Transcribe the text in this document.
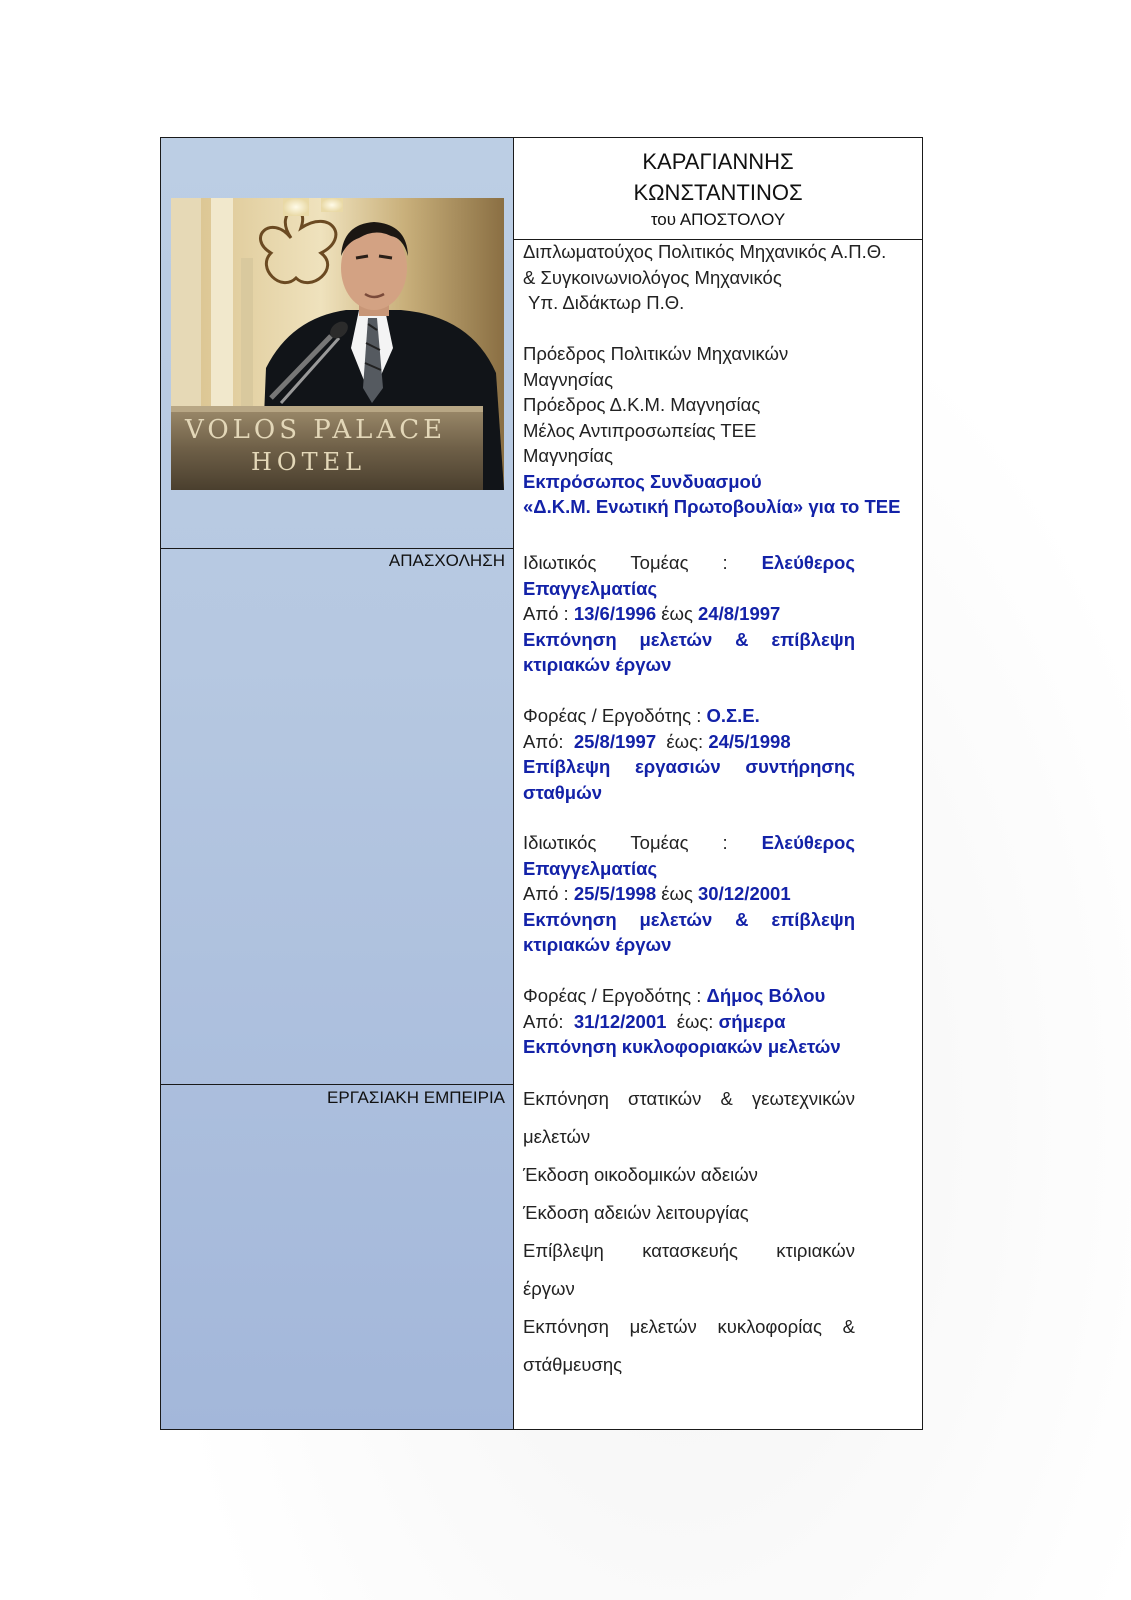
VOLOS PALACE
HOTEL
ΑΠΑΣΧΟΛΗΣΗ
ΕΡΓΑΣΙΑΚΗ ΕΜΠΕΙΡΙΑ
ΚΑΡΑΓΙΑΝΝΗΣ
ΚΩΝΣΤΑΝΤΙΝΟΣ
του ΑΠΟΣΤΟΛΟΥ
Διπλωματούχος Πολιτικός Μηχανικός Α.Π.Θ.
& Συγκοινωνιολόγος Μηχανικός
Υπ. Διδάκτωρ Π.Θ.
Πρόεδρος Πολιτικών Μηχανικών
Μαγνησίας
Πρόεδρος Δ.Κ.Μ. Μαγνησίας
Μέλος Αντιπροσωπείας ΤΕΕ
Μαγνησίας
Εκπρόσωπος Συνδυασμού
«Δ.Κ.Μ. Ενωτική Πρωτοβουλία» για το ΤΕΕ
Ιδιωτικός Τομέας : Ελεύθερος
Επαγγελματίας
Από : 13/6/1996 έως 24/8/1997
Εκπόνηση μελετών & επίβλεψη
κτιριακών έργων
Φορέας / Εργοδότης : Ο.Σ.Ε.
Από: 25/8/1997 έως: 24/5/1998
Επίβλεψη εργασιών συντήρησης
σταθμών
Ιδιωτικός Τομέας : Ελεύθερος
Επαγγελματίας
Από : 25/5/1998 έως 30/12/2001
Εκπόνηση μελετών & επίβλεψη
κτιριακών έργων
Φορέας / Εργοδότης : Δήμος Βόλου
Από: 31/12/2001 έως: σήμερα
Εκπόνηση κυκλοφοριακών μελετών
Εκπόνηση στατικών & γεωτεχνικών
μελετών
Έκδοση οικοδομικών αδειών
Έκδοση αδειών λειτουργίας
Επίβλεψη κατασκευής κτιριακών
έργων
Εκπόνηση μελετών κυκλοφορίας &
στάθμευσης
